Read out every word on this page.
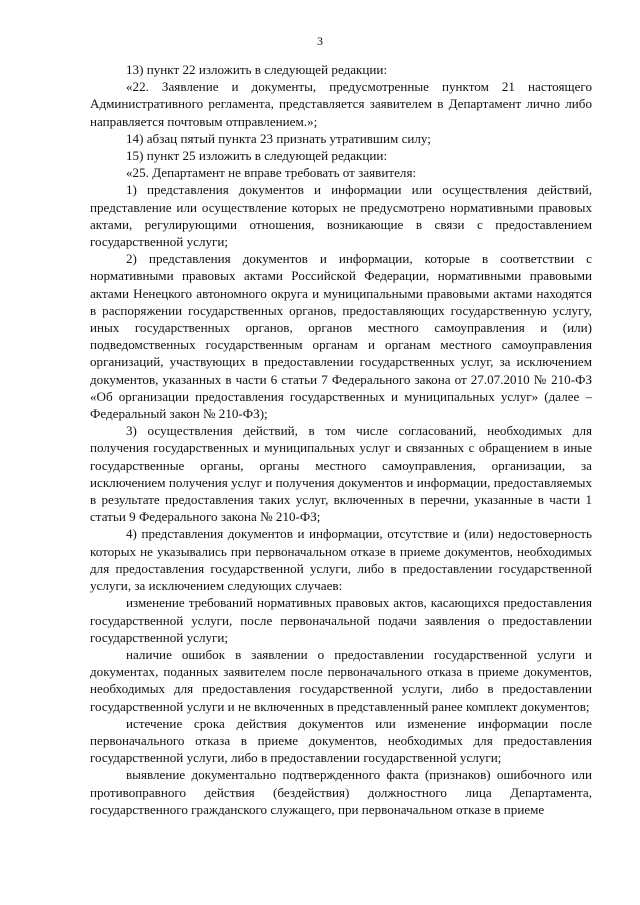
3

13) пункт 22 изложить в следующей редакции:

«22. Заявление и документы, предусмотренные пунктом 21 настоящего Административного регламента, представляется заявителем в Департамент лично либо направляется почтовым отправлением.»;

14) абзац пятый пункта 23 признать утратившим силу;

15) пункт 25 изложить в следующей редакции:

«25. Департамент не вправе требовать от заявителя:

1) представления документов и информации или осуществления действий, представление или осуществление которых не предусмотрено нормативными правовых актами, регулирующими отношения, возникающие в связи с предоставлением государственной услуги;

2) представления документов и информации, которые в соответствии с нормативными правовых актами Российской Федерации, нормативными правовыми актами Ненецкого автономного округа и муниципальными правовыми актами находятся в распоряжении государственных органов, предоставляющих государственную услугу, иных государственных органов, органов местного самоуправления и (или) подведомственных государственным органам и органам местного самоуправления организаций, участвующих в предоставлении государственных услуг, за исключением документов, указанных в части 6 статьи 7 Федерального закона от 27.07.2010 № 210-ФЗ «Об организации предоставления государственных и муниципальных услуг» (далее – Федеральный закон № 210-ФЗ);

3) осуществления действий, в том числе согласований, необходимых для получения государственных и муниципальных услуг и связанных с обращением в иные государственные органы, органы местного самоуправления, организации, за исключением получения услуг и получения документов и информации, предоставляемых в результате предоставления таких услуг, включенных в перечни, указанные в части 1 статьи 9 Федерального закона № 210-ФЗ;

4) представления документов и информации, отсутствие и (или) недостоверность которых не указывались при первоначальном отказе в приеме документов, необходимых для предоставления государственной услуги, либо в предоставлении государственной услуги, за исключением следующих случаев:

изменение требований нормативных правовых актов, касающихся предоставления государственной услуги, после первоначальной подачи заявления о предоставлении государственной услуги;

наличие ошибок в заявлении о предоставлении государственной услуги и документах, поданных заявителем после первоначального отказа в приеме документов, необходимых для предоставления государственной услуги, либо в предоставлении государственной услуги и не включенных в представленный ранее комплект документов;

истечение срока действия документов или изменение информации после первоначального отказа в приеме документов, необходимых для предоставления государственной услуги, либо в предоставлении государственной услуги;

выявление документально подтвержденного факта (признаков) ошибочного или противоправного действия (бездействия) должностного лица Департамента, государственного гражданского служащего, при первоначальном отказе в приеме
